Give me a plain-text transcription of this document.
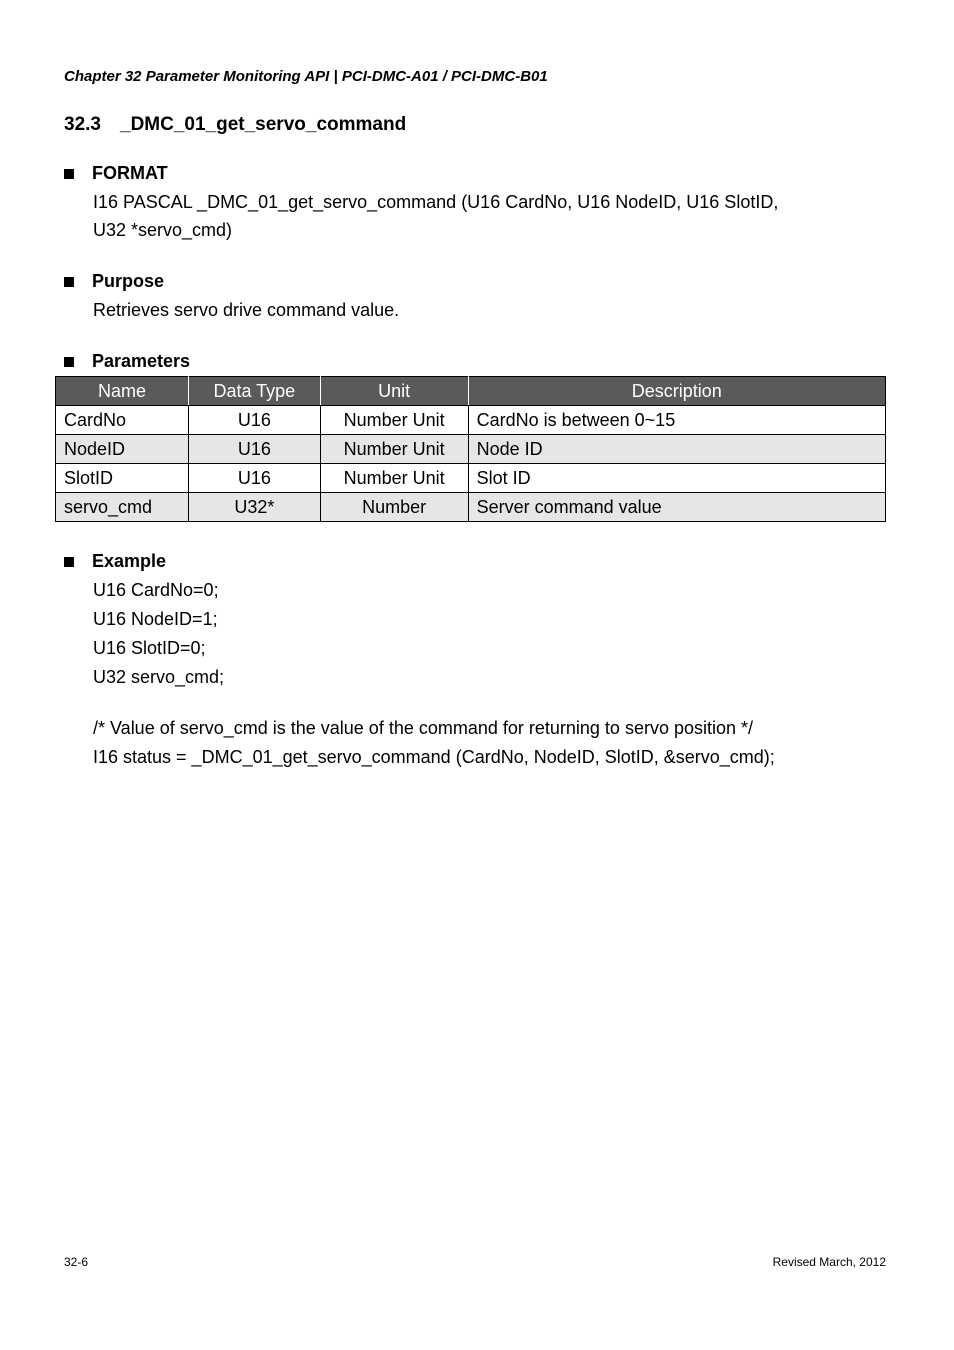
Chapter 32 Parameter Monitoring API | PCI-DMC-A01 / PCI-DMC-B01
32.3 _DMC_01_get_servo_command
FORMAT
I16 PASCAL _DMC_01_get_servo_command (U16 CardNo, U16 NodeID, U16 SlotID,
U32 *servo_cmd)
Purpose
Retrieves servo drive command value.
Parameters
Name	Data Type	Unit	Description
CardNo	U16	Number Unit	CardNo is between 0~15
NodeID	U16	Number Unit	Node ID
SlotID	U16	Number Unit	Slot ID
servo_cmd	U32*	Number	Server command value
Example
U16 CardNo=0;
U16 NodeID=1;
U16 SlotID=0;
U32 servo_cmd;
/* Value of servo_cmd is the value of the command for returning to servo position */
I16 status = _DMC_01_get_servo_command (CardNo, NodeID, SlotID, &servo_cmd);
32-6	Revised March, 2012
